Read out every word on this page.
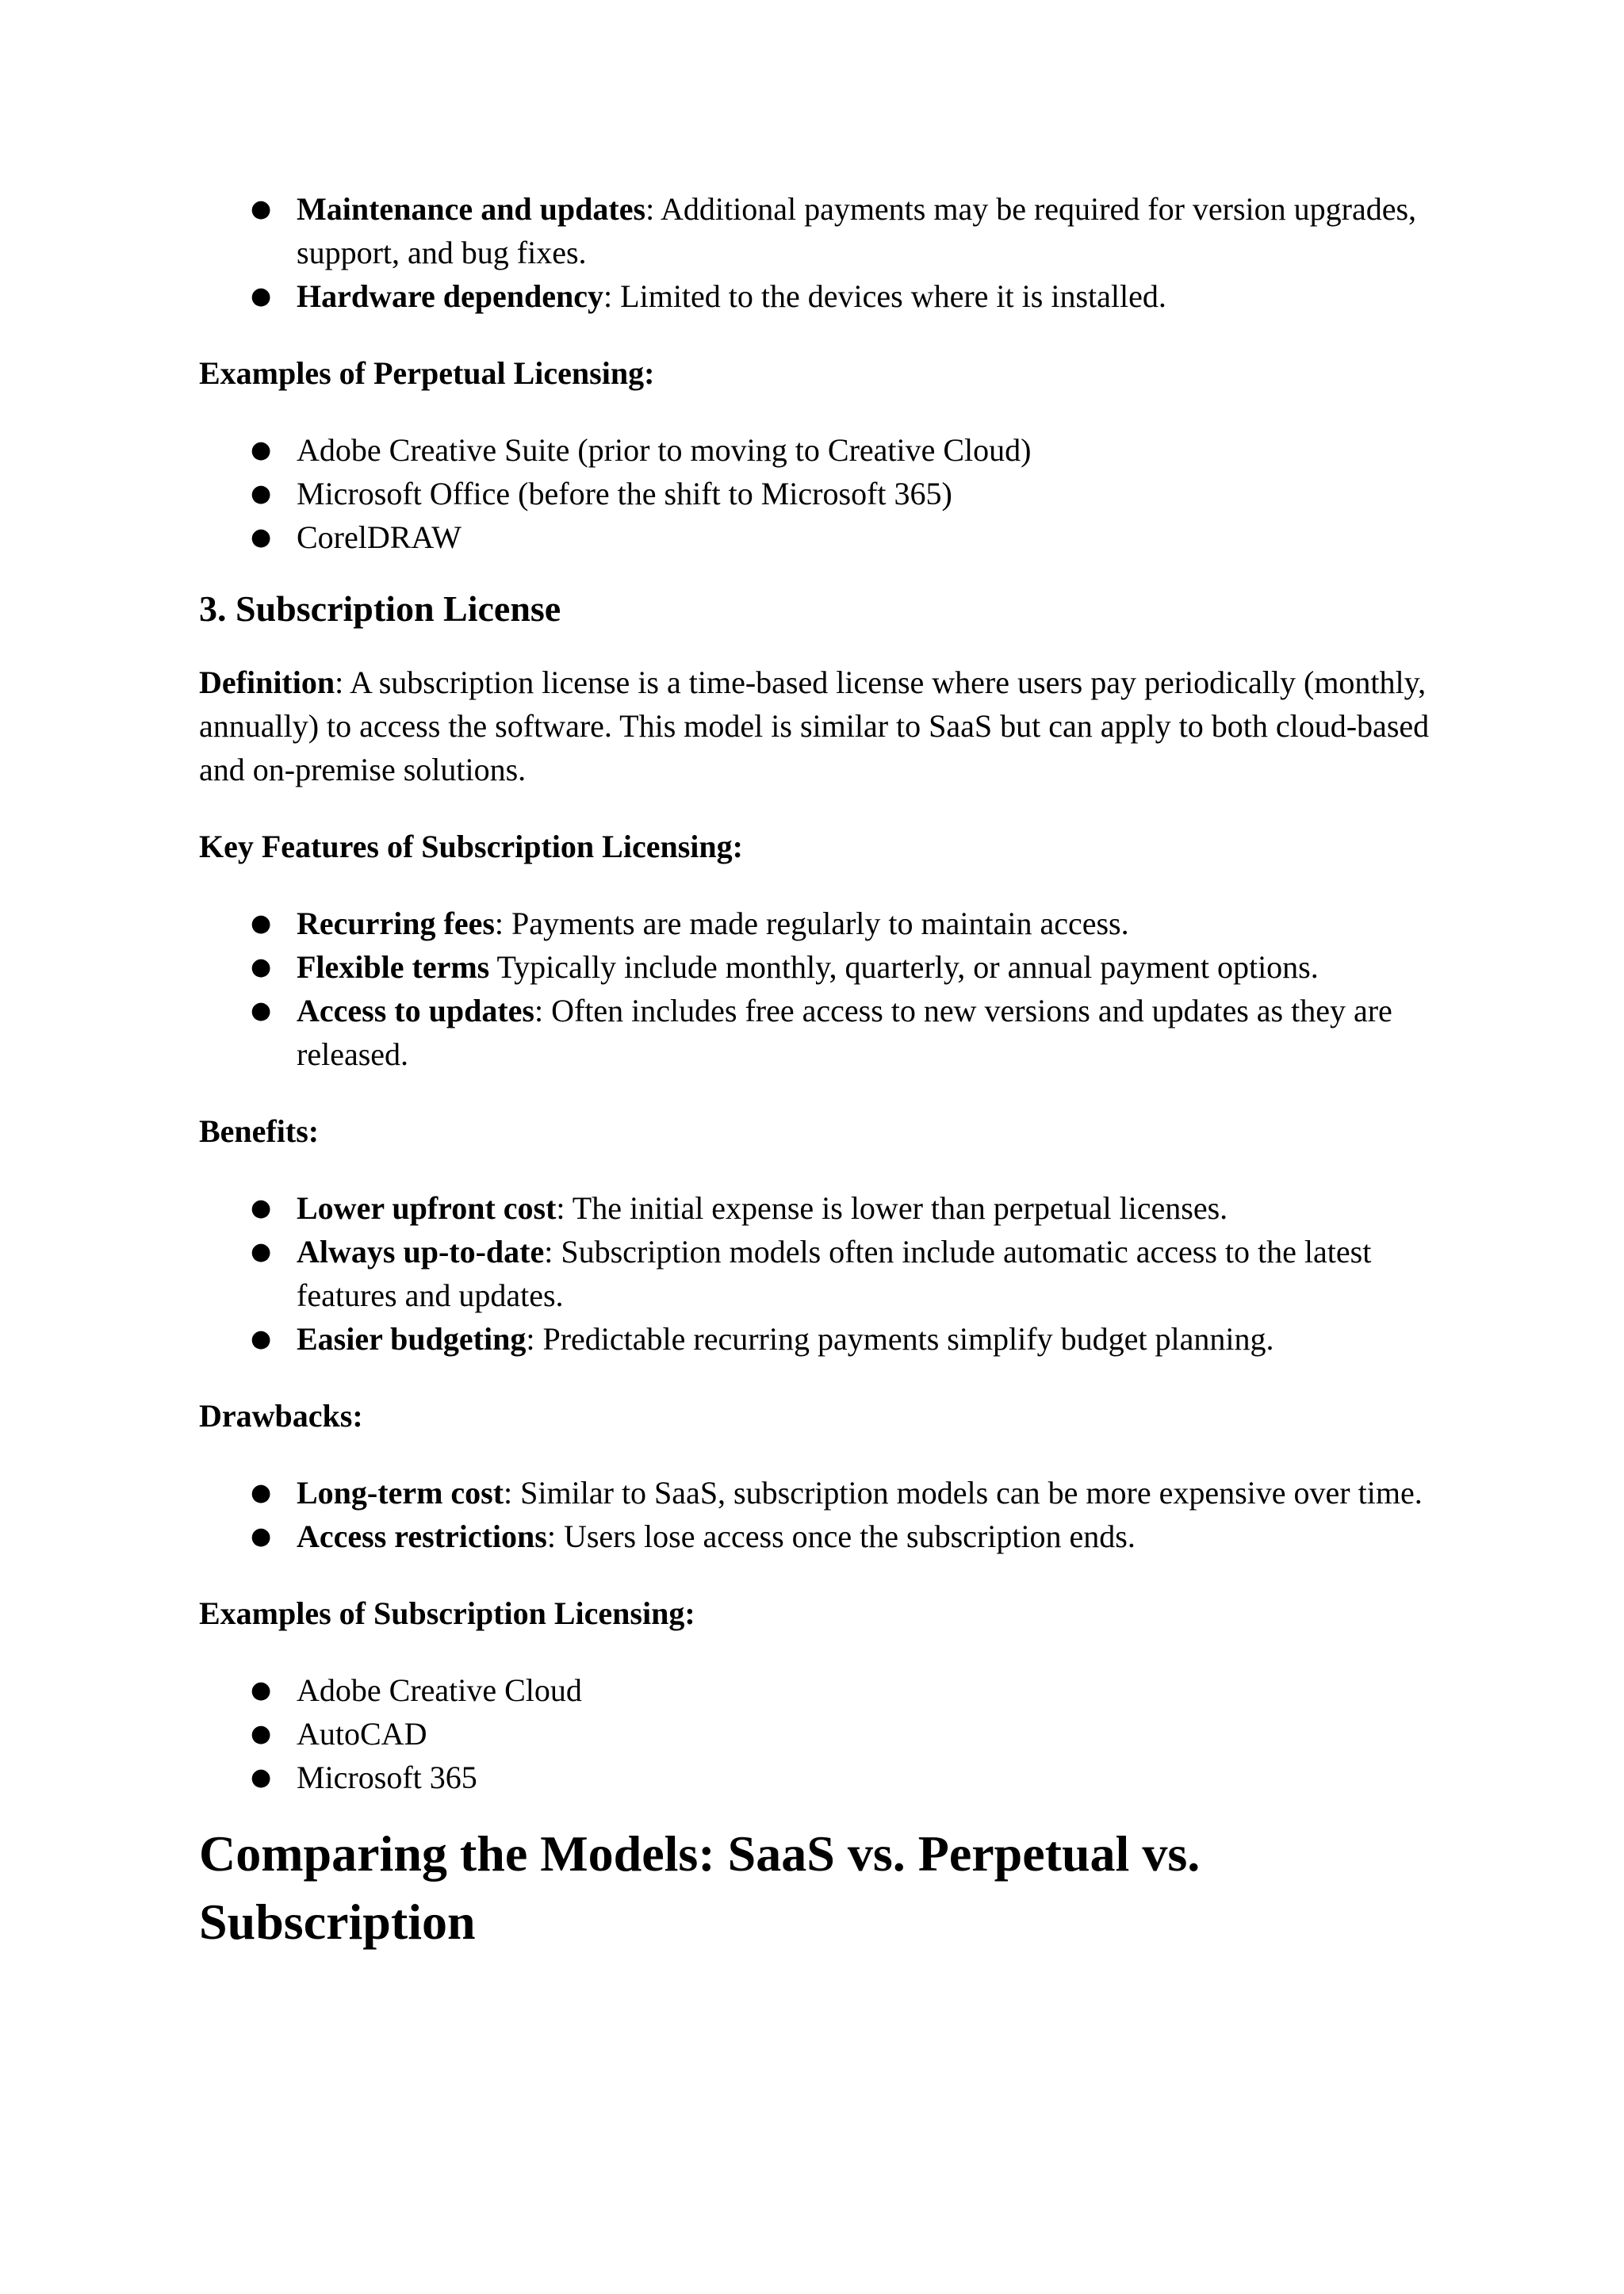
● Maintenance and updates: Additional payments may be required for version upgrades, support, and bug fixes.
● Hardware dependency: Limited to the devices where it is installed.

Examples of Perpetual Licensing:

● Adobe Creative Suite (prior to moving to Creative Cloud)
● Microsoft Office (before the shift to Microsoft 365)
● CorelDRAW
3. Subscription License

Definition: A subscription license is a time-based license where users pay periodically (monthly, annually) to access the software. This model is similar to SaaS but can apply to both cloud-based and on-premise solutions.

Key Features of Subscription Licensing:

● Recurring fees: Payments are made regularly to maintain access.
● Flexible terms Typically include monthly, quarterly, or annual payment options.
● Access to updates: Often includes free access to new versions and updates as they are released.

Benefits:

● Lower upfront cost: The initial expense is lower than perpetual licenses.
● Always up-to-date: Subscription models often include automatic access to the latest features and updates.
● Easier budgeting: Predictable recurring payments simplify budget planning.

Drawbacks:

● Long-term cost: Similar to SaaS, subscription models can be more expensive over time.
● Access restrictions: Users lose access once the subscription ends.

Examples of Subscription Licensing:

● Adobe Creative Cloud
● AutoCAD
● Microsoft 365
Comparing the Models: SaaS vs. Perpetual vs. Subscription
